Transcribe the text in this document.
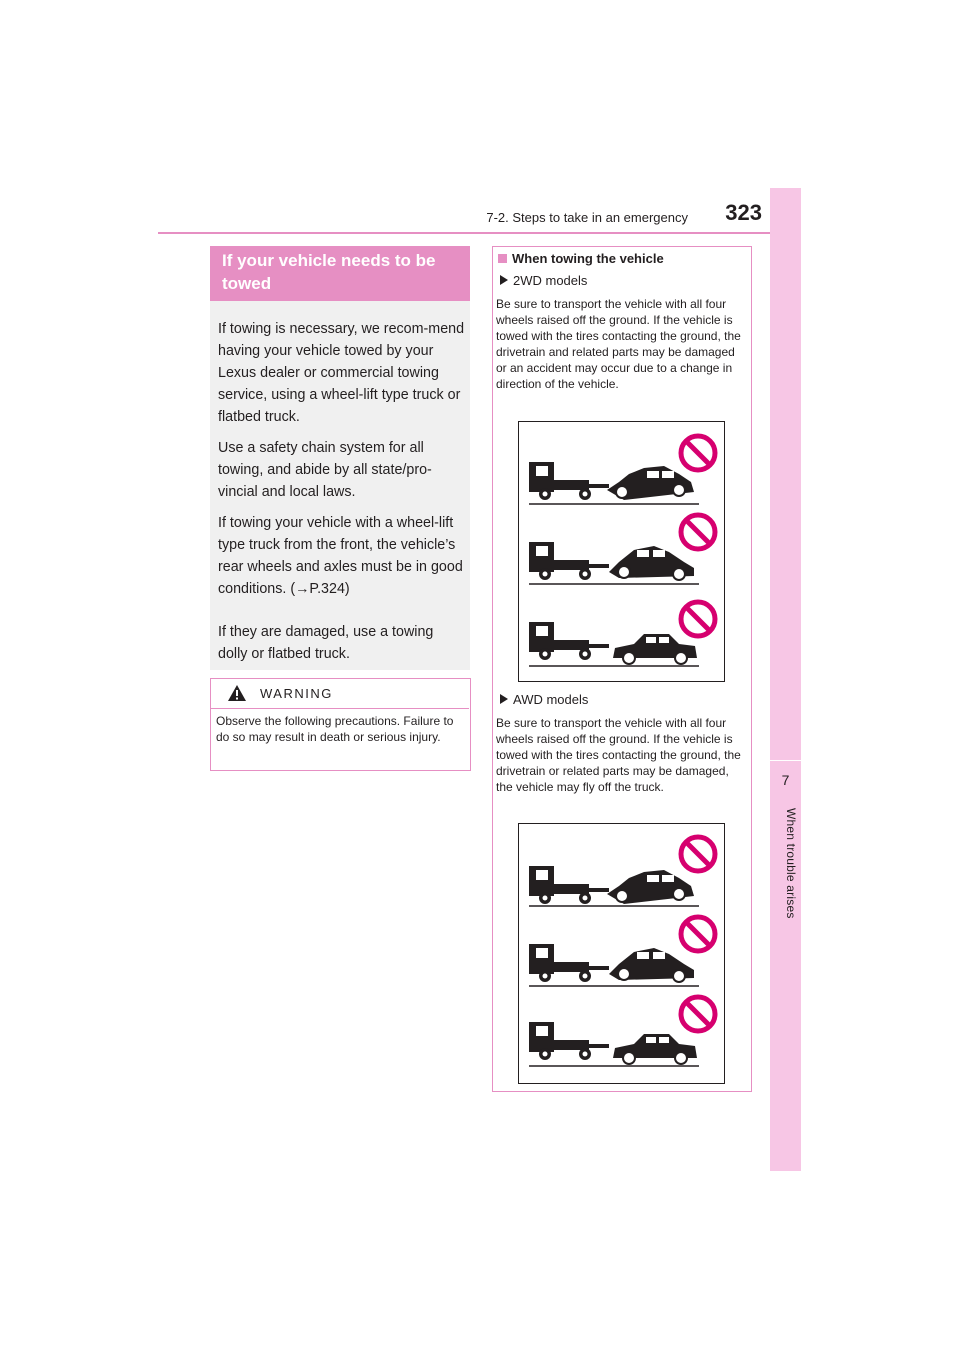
7-2. Steps to take in an emergency	323
7
When trouble arises
If your vehicle needs to be towed
If towing is necessary, we recom-mend having your vehicle towed by your Lexus dealer or commercial towing service, using a wheel-lift type truck or flatbed truck.
Use a safety chain system for all towing, and abide by all state/pro-vincial and local laws.
If towing your vehicle with a wheel-lift type truck from the front, the vehicle’s rear wheels and axles must be in good conditions. (→P.324)
If they are damaged, use a towing dolly or flatbed truck.
WARNING
Observe the following precautions. Failure to do so may result in death or serious injury.
When towing the vehicle
2WD models
Be sure to transport the vehicle with all four wheels raised off the ground. If the vehicle is towed with the tires contacting the ground, the drivetrain and related parts may be damaged or an accident may occur due to a change in direction of the vehicle.
AWD models
Be sure to transport the vehicle with all four wheels raised off the ground. If the vehicle is towed with the tires contacting the ground, the drivetrain or related parts may be damaged, the vehicle may fly off the truck.
